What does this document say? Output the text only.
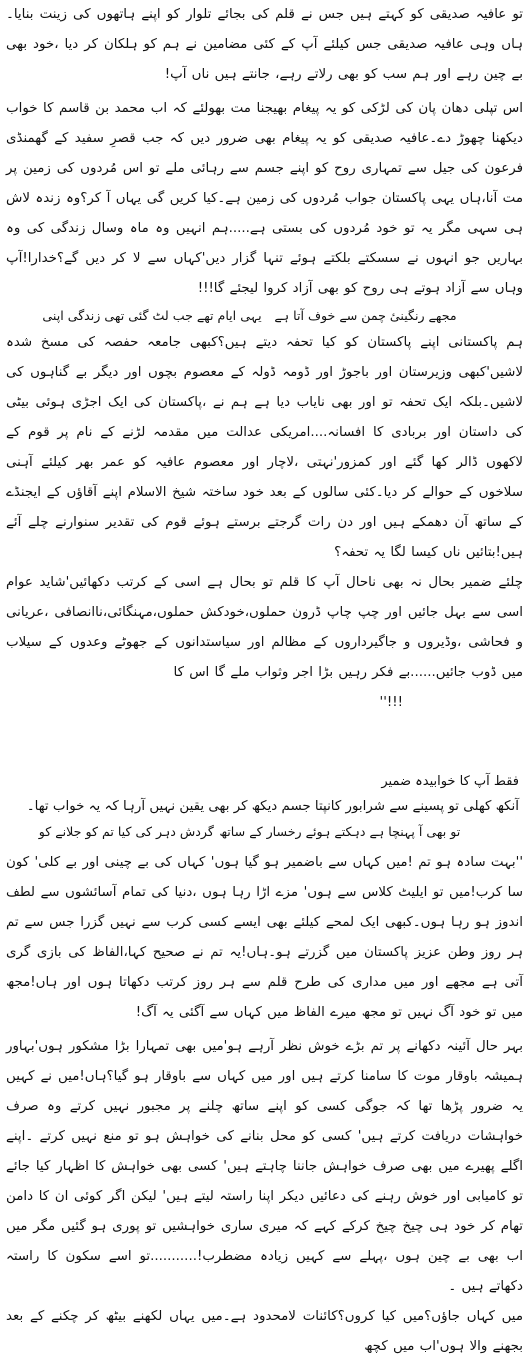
تو عافیہ صدیقی کو کہتے ہیں جس نے قلم کی بجائے تلوار کو اپنے ہاتھوں کی زینت بنایا۔ہاں وہی عافیہ صدیقی جس کیلئے آپ کے کئی مضامین نے ہم کو ہلکان کر دیا ،خود بھی بے چین رہے اور ہم سب کو بھی رلاتے رہے، جانتے ہیں ناں آپ!

اس تپلی دھان پان کی لڑکی کو یہ پیغام بھیجنا مت بھولئے کہ اب محمد بن قاسم کا خواب دیکھنا چھوڑ دے۔عافیہ صدیقی کو یہ پیغام بھی ضرور دیں کہ جب قصرِ سفید کے گھمنڈی فرعون کی جیل سے تمہاری روح کو اپنے جسم سے رہائی ملے تو اس مُردوں کی زمین پر مت آنا،ہاں یہی پاکستان جواب مُردوں کی زمین ہے۔کیا کریں گی یہاں آ کر؟وہ زندہ لاش ہی سہی مگر یہ تو خود مُردوں کی بستی ہے.....ہم انہیں وہ ماہ وسال زندگی کی وہ بہاریں جو انہوں نے سسکتے بلکتے ہوئے تنہا گزار دیں'کہاں سے لا کر دیں گے؟خدارا!آپ وہاں سے آزاد ہوتے ہی روح کو بھی آزاد کروا لیجئے گا!!!

مجھے رنگینیٔ چمن سے خوف آتا ہے
یہی ایام تھے جب لٹ گئی تھی زندگی اپنی

ہم پاکستانی اپنے پاکستان کو کیا تحفہ دیتے ہیں؟کبھی جامعہ حفصہ کی مسخ شدہ لاشیں'کبھی وزیرستان اور باجوڑ اور ڈومہ ڈولہ کے معصوم بچوں اور دیگر بے گناہوں کی لاشیں۔بلکہ ایک تحفہ تو اور بھی نایاب دیا ہے ہم نے ،پاکستان کی ایک اجڑی ہوئی بیٹی کی داستان اور بربادی کا افسانہ....امریکی عدالت میں مقدمہ لڑنے کے نام پر قوم کے لاکھوں ڈالر کھا گئے اور کمزور'نہتی ،لاچار اور معصوم عافیہ کو عمر بھر کیلئے آہنی سلاخوں کے حوالے کر دیا۔کئی سالوں کے بعد خود ساختہ شیخ الاسلام اپنے آقاؤں کے ایجنڈے کے ساتھ آن دھمکے ہیں اور دن رات گرجتے برستے ہوئے قوم کی تقدیر سنوارنے چلے آئے ہیں!بتائیں ناں کیسا لگا یہ تحفہ؟

چلئے ضمیر بحال نہ بھی ناحال آپ کا قلم تو بحال ہے اسی کے کرتب دکھائیں'شاید عوام اسی سے بہل جائیں اور چپ چاپ ڈرون حملوں،خودکش حملوں،مہنگائی،ناانصافی ،عریانی و فحاشی ،وڈیروں و جاگیرداروں کے مظالم اور سیاستدانوں کے جھوٹے وعدوں کے سیلاب میں ڈوب جائیں......بے فکر رہیں بڑا اجر وثواب ملے گا اس کا

!!!''

فقط آپ کا خوابیدہ ضمیر
آنکھ کھلی تو پسینے سے شرابور کانپتا جسم دیکھ کر بھی یقین نہیں آرہا کہ یہ خواب تھا۔
تو بھی آ پہنچا ہے دہکتے ہوئے رخسار کے ساتھ
گردش دہر کی کیا تم کو جلانے کو

''بہت سادہ ہو تم !میں کہاں سے باضمیر ہو گیا ہوں' کہاں کی بے چینی اور بے کلی' کون سا کرب!میں تو ایلیٹ کلاس سے ہوں' مزے اڑا رہا ہوں ،دنیا کی تمام آسائشوں سے لطف اندوز ہو رہا ہوں۔کبھی ایک لمحے کیلئے بھی ایسے کسی کرب سے نہیں گزرا جس سے تم ہر روز وطن عزیز پاکستان میں گزرتے ہو۔ہاں!یہ تم نے صحیح کہا،الفاظ کی بازی گری آتی ہے مجھے اور میں مداری کی طرح قلم سے ہر روز کرتب دکھاتا ہوں اور ہاں!مجھ میں تو خود آگ نہیں تو مجھ میرے الفاظ میں کہاں سے آگئی یہ آگ!

بہر حال آئینہ دکھانے پر تم بڑے خوش نظر آرہے ہو'میں بھی تمہارا بڑا مشکور ہوں'بہاور ہمیشہ باوقار موت کا سامنا کرتے ہیں اور میں کہاں سے باوقار ہو گیا؟ہاں!میں نے کہیں یہ ضرور پڑھا تھا کہ جوگی کسی کو اپنے ساتھ چلنے پر مجبور نہیں کرتے وہ صرف خواہشات دریافت کرتے ہیں' کسی کو محل بنانے کی خواہش ہو تو منع نہیں کرتے ۔اپنے اگلے پھیرے میں بھی صرف خواہش جاننا چاہتے ہیں' کسی بھی خواہش کا اظہار کیا جائے تو کامیابی اور خوش رہنے کی دعائیں دیکر اپنا راستہ لیتے ہیں' لیکن اگر کوئی ان کا دامن تھام کر خود ہی چیخ چیخ کرکے کہے کہ میری ساری خواہشیں تو پوری ہو گئیں مگر میں اب بھی بے چین ہوں ،پہلے سے کہیں زیادہ مضطرب!...........تو اسے سکون کا راستہ دکھاتے ہیں ۔

میں کہاں جاؤں؟میں کیا کروں؟کائنات لامحدود ہے۔میں یہاں لکھنے بیٹھ کر چکنے کے بعد بجھنے والا ہوں'اب میں کچھ
